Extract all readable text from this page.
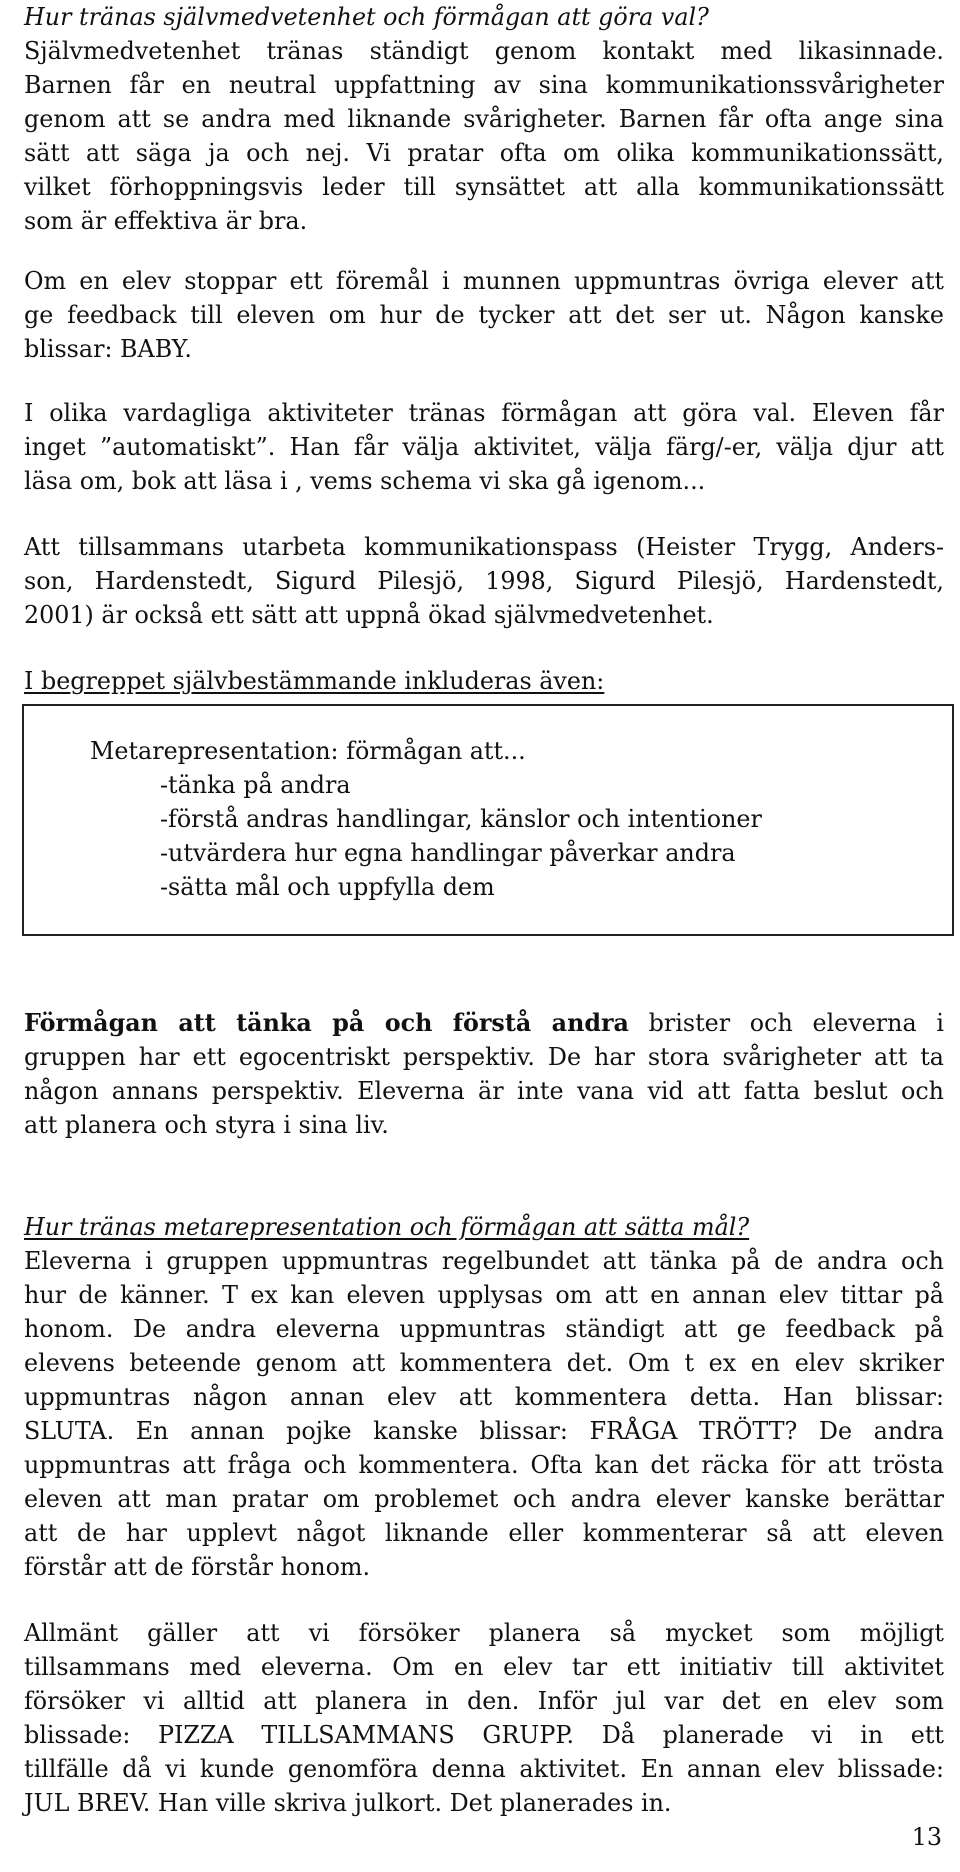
Hur tränas självmedvetenhet och förmågan att göra val?

Självmedvetenhet tränas ständigt genom kontakt med likasinnade.

Barnen får en neutral uppfattning av sina kommunikationssvårigheter

genom att se andra med liknande svårigheter. Barnen får ofta ange sina

sätt att säga ja och nej. Vi pratar ofta om olika kommunikationssätt,

vilket förhoppningsvis leder till synsättet att alla kommunikationssätt

som är effektiva är bra.

Om en elev stoppar ett föremål i munnen uppmuntras övriga elever att

ge feedback till eleven om hur de tycker att det ser ut. Någon kanske

blissar: BABY.

I olika vardagliga aktiviteter tränas förmågan att göra val. Eleven får

inget ”automatiskt”. Han får välja aktivitet, välja färg/-er, välja djur att

läsa om, bok att läsa i , vems schema vi ska gå igenom...

Att tillsammans utarbeta kommunikationspass (Heister Trygg, Anders-

son, Hardenstedt, Sigurd Pilesjö, 1998, Sigurd Pilesjö, Hardenstedt,

2001) är också ett sätt att uppnå ökad självmedvetenhet.

I begreppet självbestämmande inkluderas även:

Metarepresentation: förmågan att...
-tänka på andra
-förstå andras handlingar, känslor och intentioner
-utvärdera hur egna handlingar påverkar andra
-sätta mål och uppfylla dem

Förmågan att tänka på och förstå andra brister och eleverna i

gruppen har ett egocentriskt perspektiv. De har stora svårigheter att ta

någon annans perspektiv. Eleverna är inte vana vid att fatta beslut och

att planera och styra i sina liv.

Hur tränas metarepresentation och förmågan att sätta mål?

Eleverna i gruppen uppmuntras regelbundet att tänka på de andra och

hur de känner. T ex kan eleven upplysas om att en annan elev tittar på

honom. De andra eleverna uppmuntras ständigt att ge feedback på

elevens beteende genom att kommentera det. Om t ex en elev skriker

uppmuntras någon annan elev att kommentera detta. Han blissar:

SLUTA. En annan pojke kanske blissar: FRÅGA TRÖTT? De andra

uppmuntras att fråga och kommentera. Ofta kan det räcka för att trösta

eleven att man pratar om problemet och andra elever kanske berättar

att de har upplevt något liknande eller kommenterar så att eleven

förstår att de förstår honom.

Allmänt gäller att vi försöker planera så mycket som möjligt

tillsammans med eleverna. Om en elev tar ett initiativ till aktivitet

försöker vi alltid att planera in den. Inför jul var det en elev som

blissade: PIZZA TILLSAMMANS GRUPP. Då planerade vi in ett

tillfälle då vi kunde genomföra denna aktivitet. En annan elev blissade:

JUL BREV. Han ville skriva julkort. Det planerades in.

13
